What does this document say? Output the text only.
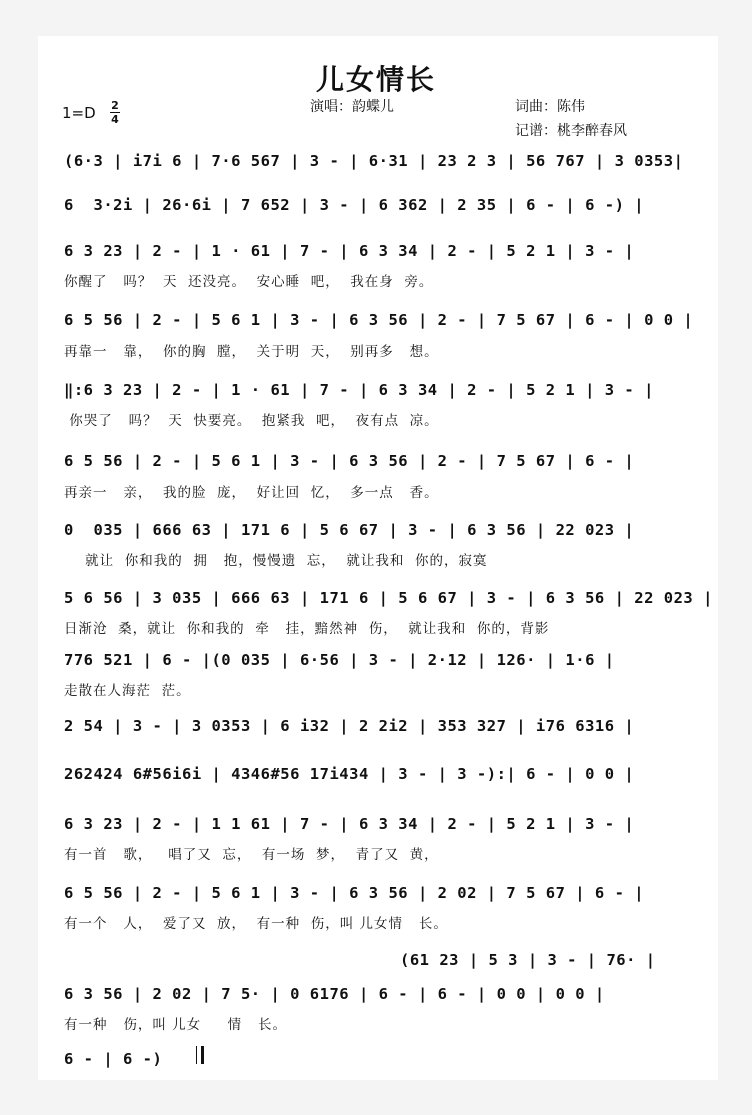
儿女情长
1=D 2
4
演唱：韵蝶儿	词曲：陈伟
记谱：桃李醉春风
(6·3 | i7i 6 | 7·6 567 | 3 - | 6·31 | 23 2 3 | 56 767 | 3 0353|
6  3·2i | 26·6i | 7 652 | 3 - | 6 362 | 2 35 | 6 - | 6 -) |
6 3 23 | 2 - | 1 · 61 | 7 - | 6 3 34 | 2 - | 5 2 1 | 3 - |
你醒了   吗？  天  还没亮。  安心睡  吧，  我在身  旁。
6 5 56 | 2 - | 5 6 1 | 3 - | 6 3 56 | 2 - | 7 5 67 | 6 - | 0 0 |
再靠一   靠，  你的胸  膛，  关于明  天，  别再多   想。
‖:6 3 23 | 2 - | 1 · 61 | 7 - | 6 3 34 | 2 - | 5 2 1 | 3 - |
你哭了   吗？  天  快要亮。  抱紧我  吧，  夜有点  凉。
6 5 56 | 2 - | 5 6 1 | 3 - | 6 3 56 | 2 - | 7 5 67 | 6 - |
再亲一   亲，  我的脸  庞，  好让回  忆，  多一点   香。
0  035 | 666 63 | 171 6 | 5 6 67 | 3 - | 6 3 56 | 22 023 |
就让  你和我的  拥   抱，慢慢遗  忘，  就让我和  你的，寂寞
5 6 56 | 3 035 | 666 63 | 171 6 | 5 6 67 | 3 - | 6 3 56 | 22 023 |
日渐沧  桑，就让  你和我的  牵   挂，黯然神  伤，  就让我和  你的，背影
776 521 | 6 - |(0 035 | 6·56 | 3 - | 2·12 | 126· | 1·6 |
走散在人海茫  茫。
2 54 | 3 - | 3 0353 | 6 i32 | 2 2i2 | 353 327 | i76 6316 |
262424 6#56i6i | 4346#56 17i434 | 3 - | 3 -):| 6 - | 0 0 |
6 3 23 | 2 - | 1 1 61 | 7 - | 6 3 34 | 2 - | 5 2 1 | 3 - |
有一首   歌，   唱了又  忘，  有一场  梦，  青了又  黄，
6 5 56 | 2 - | 5 6 1 | 3 - | 6 3 56 | 2 02 | 7 5 67 | 6 - |
有一个   人，  爱了又  放，  有一种  伤，叫 儿女情   长。
(61 23 | 5 3 | 3 - | 76· |
6 3 56 | 2 02 | 7 5· | 0 6176 | 6 - | 6 - | 0 0 | 0 0 |
有一种   伤，叫 儿女     情   长。
6 - | 6 -)
